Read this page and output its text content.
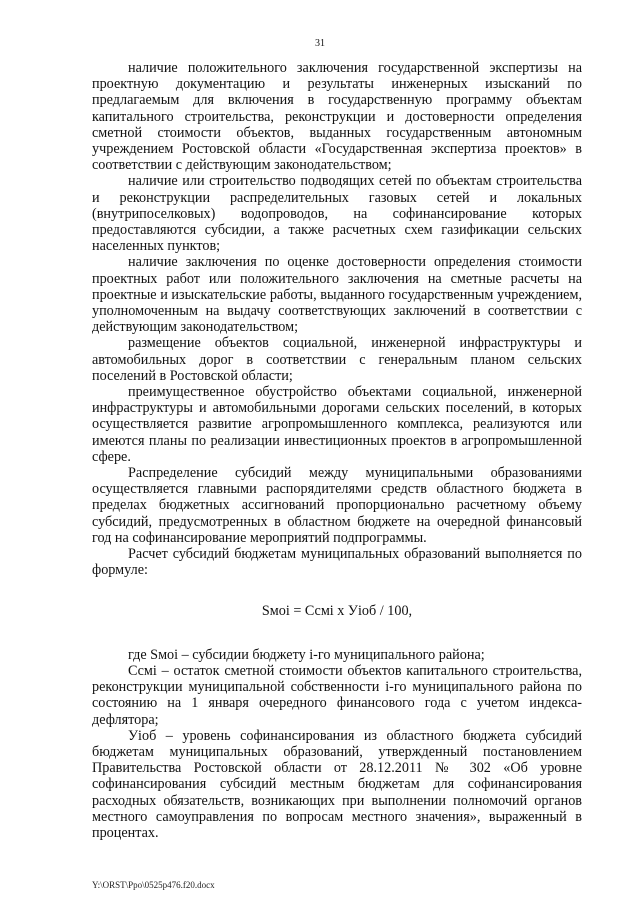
31

наличие положительного заключения государственной экспертизы на проектную документацию и результаты инженерных изысканий по предлагаемым для включения в государственную программу объектам капитального строительства, реконструкции и достоверности определения сметной стоимости объектов, выданных государственным автономным учреждением Ростовской области «Государственная экспертиза проектов» в соответствии с действующим законодательством;

наличие или строительство подводящих сетей по объектам строительства и реконструкции распределительных газовых сетей и локальных (внутрипоселковых) водопроводов, на софинансирование которых предоставляются субсидии, а также расчетных схем газификации сельских населенных пунктов;

наличие заключения по оценке достоверности определения стоимости проектных работ или положительного заключения на сметные расчеты на проектные и изыскательские работы, выданного государственным учреждением, уполномоченным на выдачу соответствующих заключений в соответствии с действующим законодательством;

размещение объектов социальной, инженерной инфраструктуры и автомобильных дорог в соответствии с генеральным планом сельских поселений в Ростовской области;

преимущественное обустройство объектами социальной, инженерной инфраструктуры и автомобильными дорогами сельских поселений, в которых осуществляется развитие агропромышленного комплекса, реализуются или имеются планы по реализации инвестиционных проектов в агропромышленной сфере.

Распределение субсидий между муниципальными образованиями осуществляется главными распорядителями средств областного бюджета в пределах бюджетных ассигнований пропорционально расчетному объему субсидий, предусмотренных в областном бюджете на очередной финансовый год на софинансирование мероприятий подпрограммы.

Расчет субсидий бюджетам муниципальных образований выполняется по формуле:

Sмоi = Ссмi x Уioб / 100,

где Sмоi – субсидии бюджету i-го муниципального района;

Ссмi – остаток сметной стоимости объектов капитального строительства, реконструкции муниципальной собственности i-го муниципального района по состоянию на 1 января очередного финансового года с учетом индекса-дефлятора;

Уioб – уровень софинансирования из областного бюджета субсидий бюджетам муниципальных образований, утвержденный постановлением Правительства Ростовской области от 28.12.2011 № 302 «Об уровне софинансирования субсидий местным бюджетам для софинансирования расходных обязательств, возникающих при выполнении полномочий органов местного самоуправления по вопросам местного значения», выраженный в процентах.

Y:\ORST\Ppo\0525p476.f20.docx
